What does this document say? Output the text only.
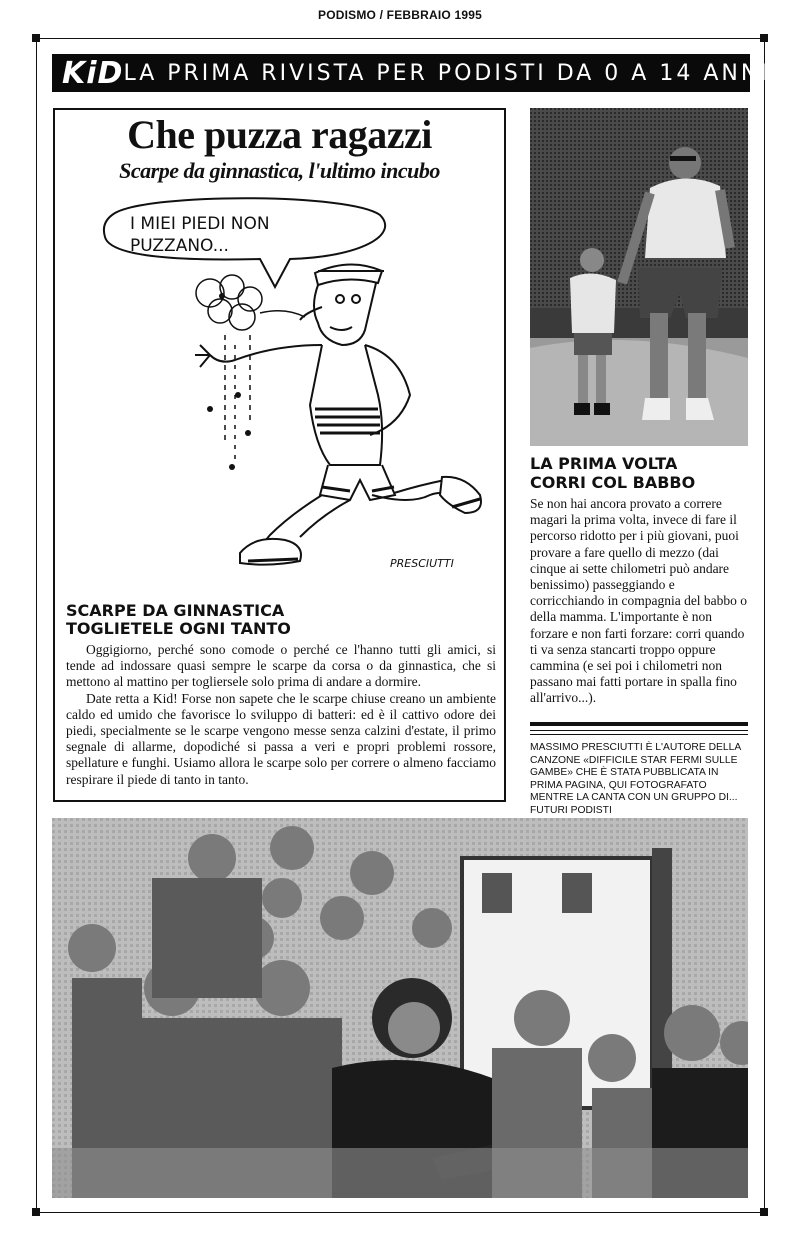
PODISMO / FEBBRAIO 1995
KiD LA PRIMA RIVISTA PER PODISTI DA 0 A 14 ANNI
Che puzza ragazzi
Scarpe da ginnastica, l'ultimo incubo
I MIEI PIEDI NON PUZZANO...
PRESCIUTTI
SCARPE DA GINNASTICA
TOGLIETELE OGNI TANTO

Oggigiorno, perché sono comode o perché ce l'hanno tutti gli amici, si tende ad indossare quasi sempre le scarpe da corsa o da ginnastica, che si mettono al mattino per togliersele solo prima di andare a dormire.

Date retta a Kid! Forse non sapete che le scarpe chiuse creano un ambiente caldo ed umido che favorisce lo sviluppo di batteri: ed è il cattivo odore dei piedi, specialmente se le scarpe vengono messe senza calzini d'estate, il primo segnale di allarme, dopodiché si passa a veri e propri problemi rossore, spellature e funghi. Usiamo allora le scarpe solo per correre o almeno facciamo respirare il piede di tanto in tanto.

LA PRIMA VOLTA
CORRI COL BABBO

Se non hai ancora provato a correre magari la prima volta, invece di fare il percorso ridotto per i più giovani, puoi provare a fare quello di mezzo (dai cinque ai sette chilometri può andare benissimo) passeggiando e corricchiando in compagnia del babbo o della mamma. L'importante è non forzare e non farti forzare: corri quando ti va senza stancarti troppo oppure cammina (e sei poi i chilometri non passano mai fatti portare in spalla fino all'arrivo...).

MASSIMO PRESCIUTTI È L'AUTORE DELLA CANZONE «DIFFICILE STAR FERMI SULLE GAMBE» CHE È STATA PUBBLICATA IN PRIMA PAGINA, QUI FOTOGRAFATO MENTRE LA CANTA CON UN GRUPPO DI... FUTURI PODISTI
